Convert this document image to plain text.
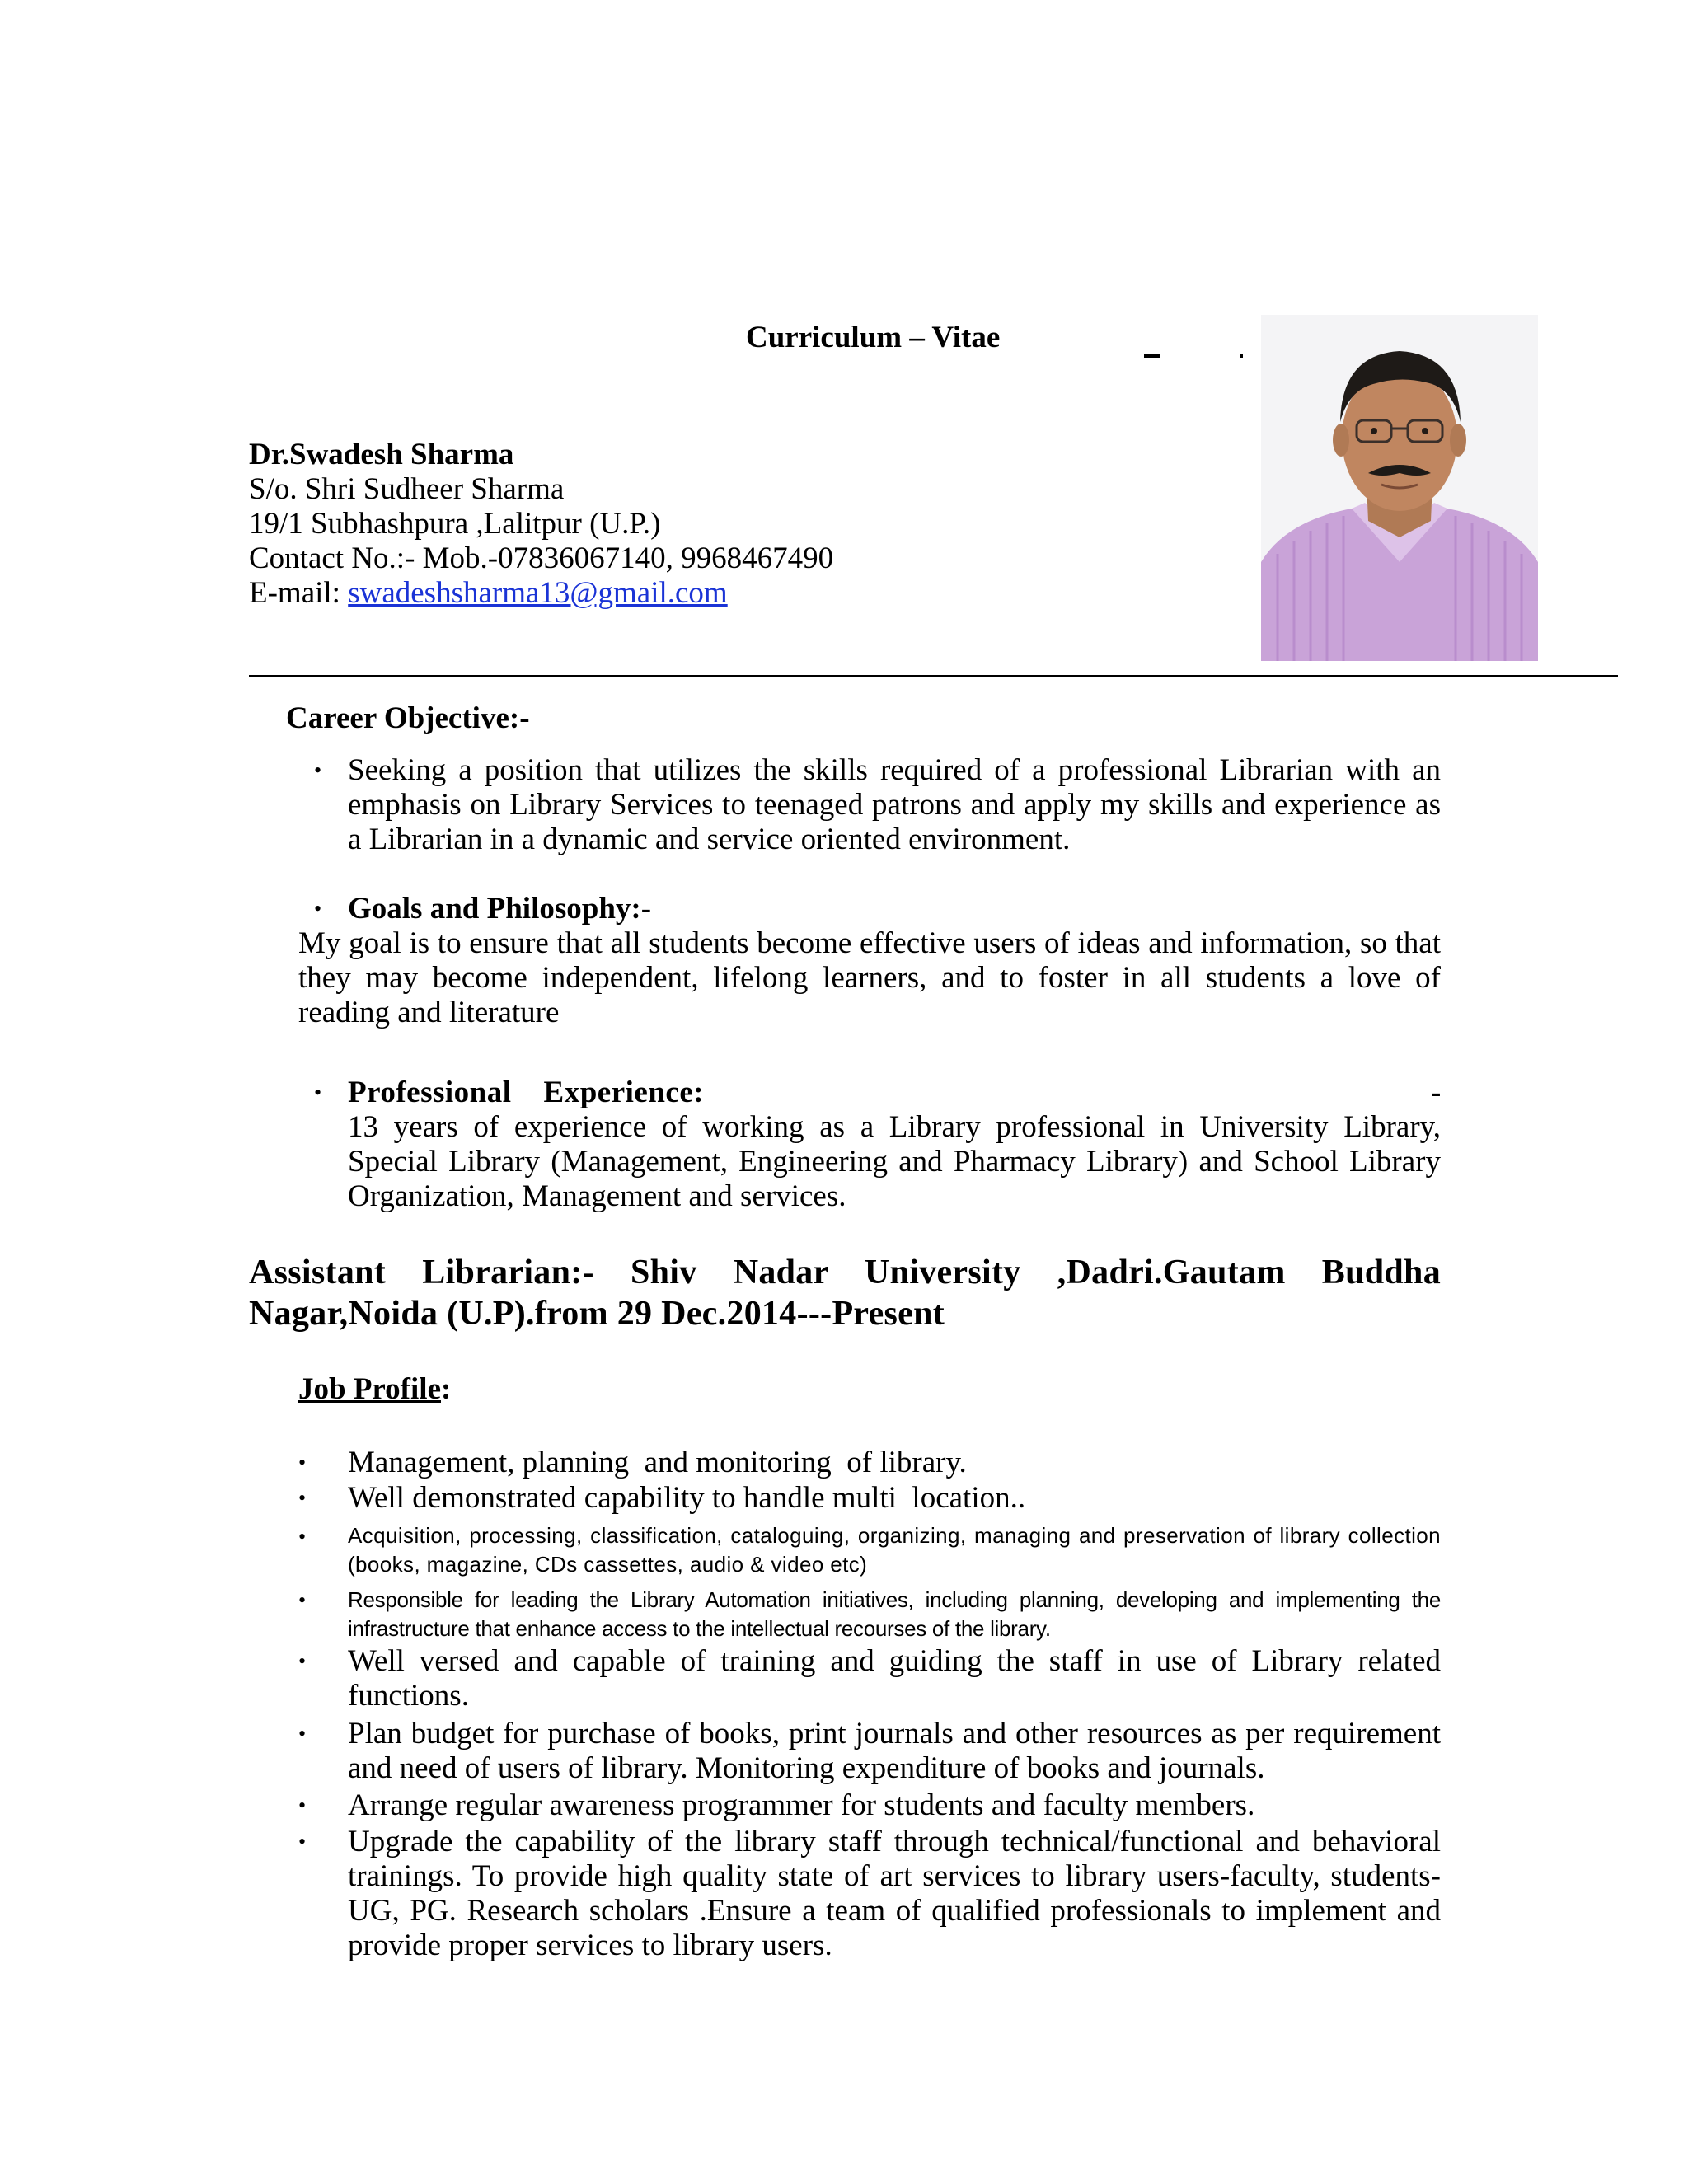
Curriculum – Vitae
Dr.Swadesh Sharma
S/o. Shri Sudheer Sharma
19/1 Subhashpura ,Lalitpur (U.P.)
Contact No.:- Mob.-07836067140, 9968467490
E-mail: swadeshsharma13@gmail.com
Career Objective:-
• Seeking a position that utilizes the skills required of a professional Librarian with an emphasis on Library Services to teenaged patrons and apply my skills and experience as a Librarian in a dynamic and service oriented environment.
• Goals and Philosophy:-
My goal is to ensure that all students become effective users of ideas and information, so that they may become independent, lifelong learners, and to foster in all students a love of reading and literature
• Professional    Experience:	-
13 years of experience of working as a Library professional in University Library, Special Library (Management, Engineering and Pharmacy Library) and School Library Organization, Management and services.
Assistant Librarian:- Shiv Nadar University ,Dadri.Gautam Buddha Nagar,Noida (U.P).from 29 Dec.2014---Present
Job Profile:
• Management, planning  and monitoring  of library.
• Well demonstrated capability to handle multi  location..
• Acquisition, processing, classification, cataloguing, organizing, managing and preservation of library collection (books, magazine, CDs cassettes, audio & video etc)
• Responsible for leading the Library Automation initiatives, including planning, developing and implementing the infrastructure that enhance access to the intellectual recourses of the library.
• Well versed and capable of training and guiding the staff in use of Library related functions.
• Plan budget for purchase of books, print journals and other resources as per requirement and need of users of library. Monitoring expenditure of books and journals.
• Arrange regular awareness programmer for students and faculty members.
• Upgrade the capability of the library staff through technical/functional and behavioral trainings. To provide high quality state of art services to library users-faculty, students-UG, PG. Research scholars .Ensure a team of qualified professionals to implement and provide proper services to library users.
